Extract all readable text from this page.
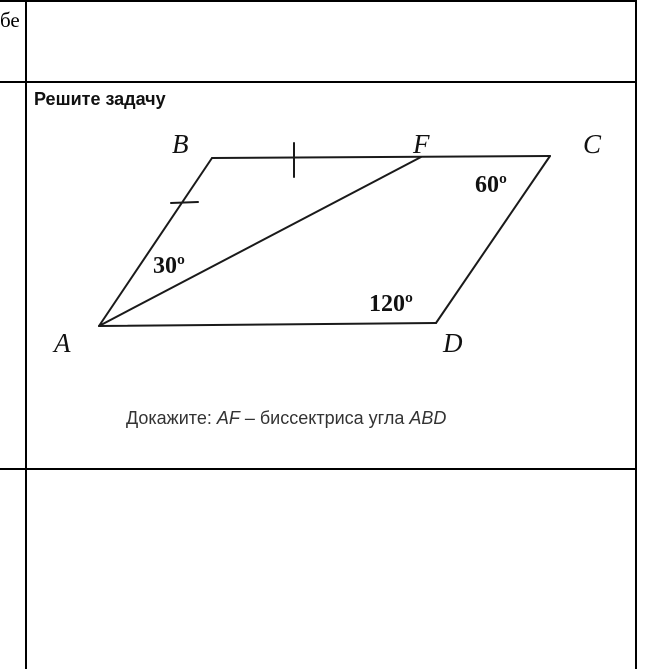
бе
Решите задачу
B	F	C
A	D
30º
60º
120º
Докажите: AF – биссектриса угла ABD
